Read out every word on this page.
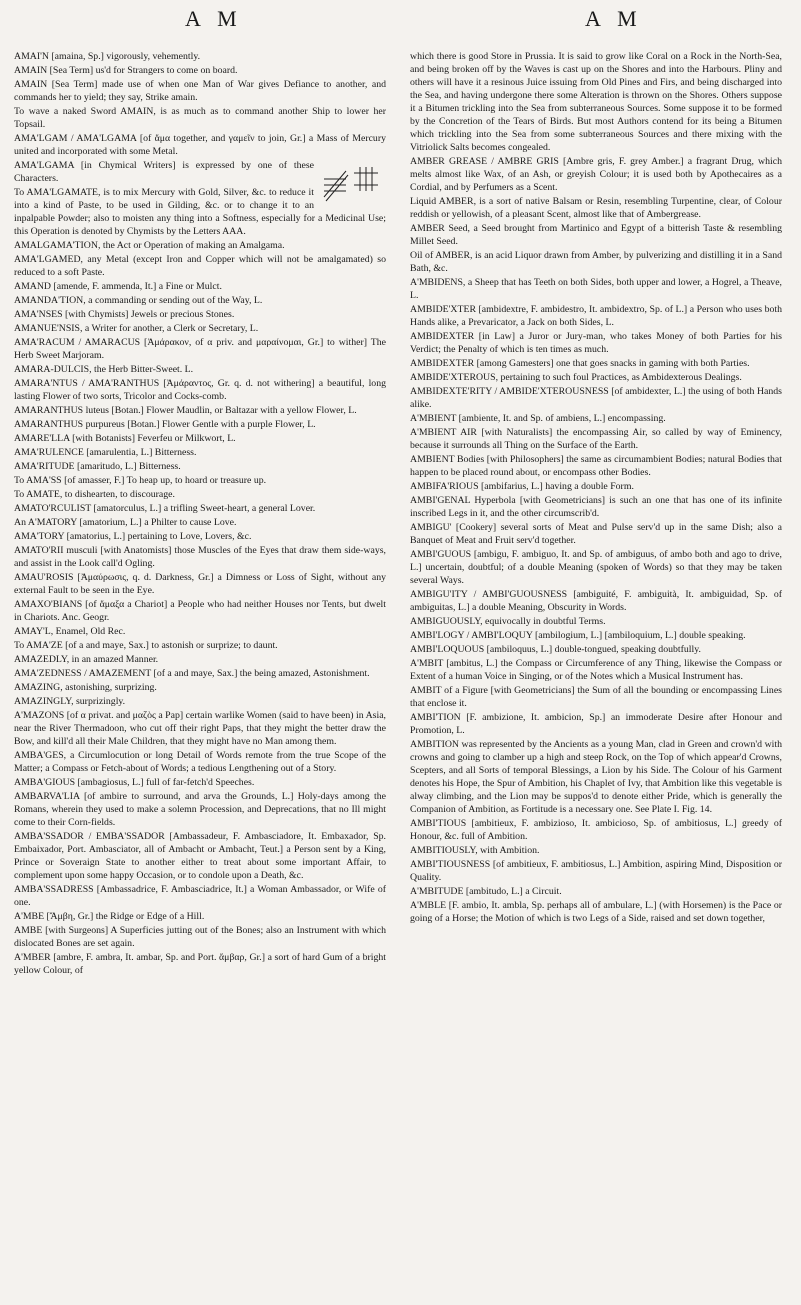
A M	A M

AMAI'N [amaina, Sp.] vigorously, vehemently.

AMAIN [Sea Term] us'd for Strangers to come on board.

AMAIN [Sea Term] made use of when one Man of War gives Defiance to another, and commands her to yield; they say, Strike amain.

To wave a naked Sword AMAIN, is as much as to command another Ship to lower her Topsail.

AMA'LGAM / AMA'LGAMA [of ἅμα together, and γαμεῖν to join, Gr.] a Mass of Mercury united and incorporated with some Metal.

AMA'LGAMA [in Chymical Writers] is expressed by one of these Characters.

To AMA'LGAMATE, is to mix Mercury with Gold, Silver, &c. to reduce it into a kind of Paste, to be used in Gilding, &c. or to change it to an inpalpable Powder; also to moisten any thing into a Softness, especially for a Medicinal Use; this Operation is denoted by Chymists by the Letters AAA.

AMALGAMA'TION, the Act or Operation of making an Amalgama.

AMA'LGAMED, any Metal (except Iron and Copper which will not be amalgamated) so reduced to a soft Paste.

AMAND [amende, F. ammenda, It.] a Fine or Mulct.

AMANDA'TION, a commanding or sending out of the Way, L.

AMA'NSES [with Chymists] Jewels or precious Stones.

AMANUE'NSIS, a Writer for another, a Clerk or Secretary, L.

AMA'RACUM / AMARACUS [Ἀμάρακον, of α priv. and μαραίνομαι, Gr.] to wither] The Herb Sweet Marjoram.

AMARA-DULCIS, the Herb Bitter-Sweet. L.

AMARA'NTUS / AMA'RANTHUS [Ἀμάραντος, Gr. q. d. not withering] a beautiful, long lasting Flower of two sorts, Tricolor and Cocks-comb.

AMARANTHUS luteus [Botan.] Flower Maudlin, or Baltazar with a yellow Flower, L.

AMARANTHUS purpureus [Botan.] Flower Gentle with a purple Flower, L.

AMARE'LLA [with Botanists] Feverfeu or Milkwort, L.

AMA'RULENCE [amarulentia, L.] Bitterness.

AMA'RITUDE [amaritudo, L.] Bitterness.

To AMA'SS [of amasser, F.] To heap up, to hoard or treasure up.

To AMATE, to dishearten, to discourage.

AMATO'RCULIST [amatorculus, L.] a trifling Sweet-heart, a general Lover.

An A'MATORY [amatorium, L.] a Philter to cause Love.

AMA'TORY [amatorius, L.] pertaining to Love, Lovers, &c.

AMATO'RII musculi [with Anatomists] those Muscles of the Eyes that draw them side-ways, and assist in the Look call'd Ogling.

AMAU'ROSIS [Ἀμαύρωσις, q. d. Darkness, Gr.] a Dimness or Loss of Sight, without any external Fault to be seen in the Eye.

AMAXO'BIANS [of ἅμαξα a Chariot] a People who had neither Houses nor Tents, but dwelt in Chariots. Anc. Geogr.

AMAY'L, Enamel, Old Rec.

To AMA'ZE [of a and maye, Sax.] to astonish or surprize; to daunt.

AMAZEDLY, in an amazed Manner.

AMA'ZEDNESS / AMAZEMENT [of a and maye, Sax.] the being amazed, Astonishment.

AMAZING, astonishing, surprizing.

AMAZINGLY, surprizingly.

A'MAZONS [of α privat. and μαζὸς a Pap] certain warlike Women (said to have been) in Asia, near the River Thermadoon, who cut off their right Paps, that they might the better draw the Bow, and kill'd all their Male Children, that they might have no Man among them.

AMBA'GES, a Circumlocution or long Detail of Words remote from the true Scope of the Matter; a Compass or Fetch-about of Words; a tedious Lengthening out of a Story.

AMBA'GIOUS [ambagiosus, L.] full of far-fetch'd Speeches.

AMBARVA'LIA [of ambire to surround, and arva the Grounds, L.] Holy-days among the Romans, wherein they used to make a solemn Procession, and Deprecations, that no Ill might come to their Corn-fields.

AMBA'SSADOR / EMBA'SSADOR [Ambassadeur, F. Ambasciadore, It. Embaxador, Sp. Embaixador, Port. Ambasciator, all of Ambacht or Ambacht, Teut.] a Person sent by a King, Prince or Soveraign State to another either to treat about some important Affair, to complement upon some happy Occasion, or to condole upon a Death, &c.

AMBA'SSADRESS [Ambassadrice, F. Ambasciadrice, It.] a Woman Ambassador, or Wife of one.

A'MBE [Ἄμβη, Gr.] the Ridge or Edge of a Hill.

AMBE [with Surgeons] A Superficies jutting out of the Bones; also an Instrument with which dislocated Bones are set again.

A'MBER [ambre, F. ambra, It. ambar, Sp. and Port. ἄμβαρ, Gr.] a sort of hard Gum of a bright yellow Colour, of

which there is good Store in Prussia. It is said to grow like Coral on a Rock in the North-Sea, and being broken off by the Waves is cast up on the Shores and into the Harbours. Pliny and others will have it a resinous Juice issuing from Old Pines and Firs, and being discharged into the Sea, and having undergone there some Alteration is thrown on the Shores. Others suppose it a Bitumen trickling into the Sea from subterraneous Sources. Some suppose it to be formed by the Concretion of the Tears of Birds. But most Authors contend for its being a Bitumen which trickling into the Sea from some subterraneous Sources and there mixing with the Vitriolick Salts becomes congealed.

AMBER GREASE / AMBRE GRIS [Ambre gris, F. grey Amber.] a fragrant Drug, which melts almost like Wax, of an Ash, or greyish Colour; it is used both by Apothecaires as a Cordial, and by Perfumers as a Scent.

Liquid AMBER, is a sort of native Balsam or Resin, resembling Turpentine, clear, of Colour reddish or yellowish, of a pleasant Scent, almost like that of Ambergrease.

AMBER Seed, a Seed brought from Martinico and Egypt of a bitterish Taste & resembling Millet Seed.

Oil of AMBER, is an acid Liquor drawn from Amber, by pulverizing and distilling it in a Sand Bath, &c.

A'MBIDENS, a Sheep that has Teeth on both Sides, both upper and lower, a Hogrel, a Theave, L.

AMBIDE'XTER [ambidextre, F. ambidestro, It. ambidextro, Sp. of L.] a Person who uses both Hands alike, a Prevaricator, a Jack on both Sides, L.

AMBIDEXTER [in Law] a Juror or Jury-man, who takes Money of both Parties for his Verdict; the Penalty of which is ten times as much.

AMBIDEXTER [among Gamesters] one that goes snacks in gaming with both Parties.

AMBIDE'XTEROUS, pertaining to such foul Practices, as Ambidexterous Dealings.

AMBIDEXTE'RITY / AMBIDE'XTEROUSNESS [of ambidexter, L.] the using of both Hands alike.

A'MBIENT [ambiente, It. and Sp. of ambiens, L.] encompassing.

A'MBIENT AIR [with Naturalists] the encompassing Air, so called by way of Eminency, because it surrounds all Thing on the Surface of the Earth.

AMBIENT Bodies [with Philosophers] the same as circumambient Bodies; natural Bodies that happen to be placed round about, or encompass other Bodies.

AMBIFA'RIOUS [ambifarius, L.] having a double Form.

AMBI'GENAL Hyperbola [with Geometricians] is such an one that has one of its infinite inscribed Legs in it, and the other circumscrib'd.

AMBIGU' [Cookery] several sorts of Meat and Pulse serv'd up in the same Dish; also a Banquet of Meat and Fruit serv'd together.

AMBI'GUOUS [ambigu, F. ambiguo, It. and Sp. of ambiguus, of ambo both and ago to drive, L.] uncertain, doubtful; of a double Meaning (spoken of Words) so that they may be taken several Ways.

AMBIGU'ITY / AMBI'GUOUSNESS [ambiguité, F. ambiguità, It. ambiguidad, Sp. of ambiguitas, L.] a double Meaning, Obscurity in Words.

AMBIGUOUSLY, equivocally in doubtful Terms.

AMBI'LOGY / AMBI'LOQUY [ambilogium, L.] [ambiloquium, L.] double speaking.

AMBI'LOQUOUS [ambiloquus, L.] double-tongued, speaking doubtfully.

A'MBIT [ambitus, L.] the Compass or Circumference of any Thing, likewise the Compass or Extent of a human Voice in Singing, or of the Notes which a Musical Instrument has.

AMBIT of a Figure [with Geometricians] the Sum of all the bounding or encompassing Lines that enclose it.

AMBI'TION [F. ambizione, It. ambicion, Sp.] an immoderate Desire after Honour and Promotion, L.

AMBITION was represented by the Ancients as a young Man, clad in Green and crown'd with crowns and going to clamber up a high and steep Rock, on the Top of which appear'd Crowns, Scepters, and all Sorts of temporal Blessings, a Lion by his Side. The Colour of his Garment denotes his Hope, the Spur of Ambition, his Chaplet of Ivy, that Ambition like this vegetable is alway climbing, and the Lion may be suppos'd to denote either Pride, which is generally the Companion of Ambition, as Fortitude is a necessary one. See Plate I. Fig. 14.

AMBI'TIOUS [ambitieux, F. ambizioso, It. ambicioso, Sp. of ambitiosus, L.] greedy of Honour, &c. full of Ambition.

AMBITIOUSLY, with Ambition.

AMBI'TIOUSNESS [of ambitieux, F. ambitiosus, L.] Ambition, aspiring Mind, Disposition or Quality.

A'MBITUDE [ambitudo, L.] a Circuit.

A'MBLE [F. ambio, It. ambla, Sp. perhaps all of ambulare, L.] (with Horsemen) is the Pace or going of a Horse; the Motion of which is two Legs of a Side, raised and set down together,
